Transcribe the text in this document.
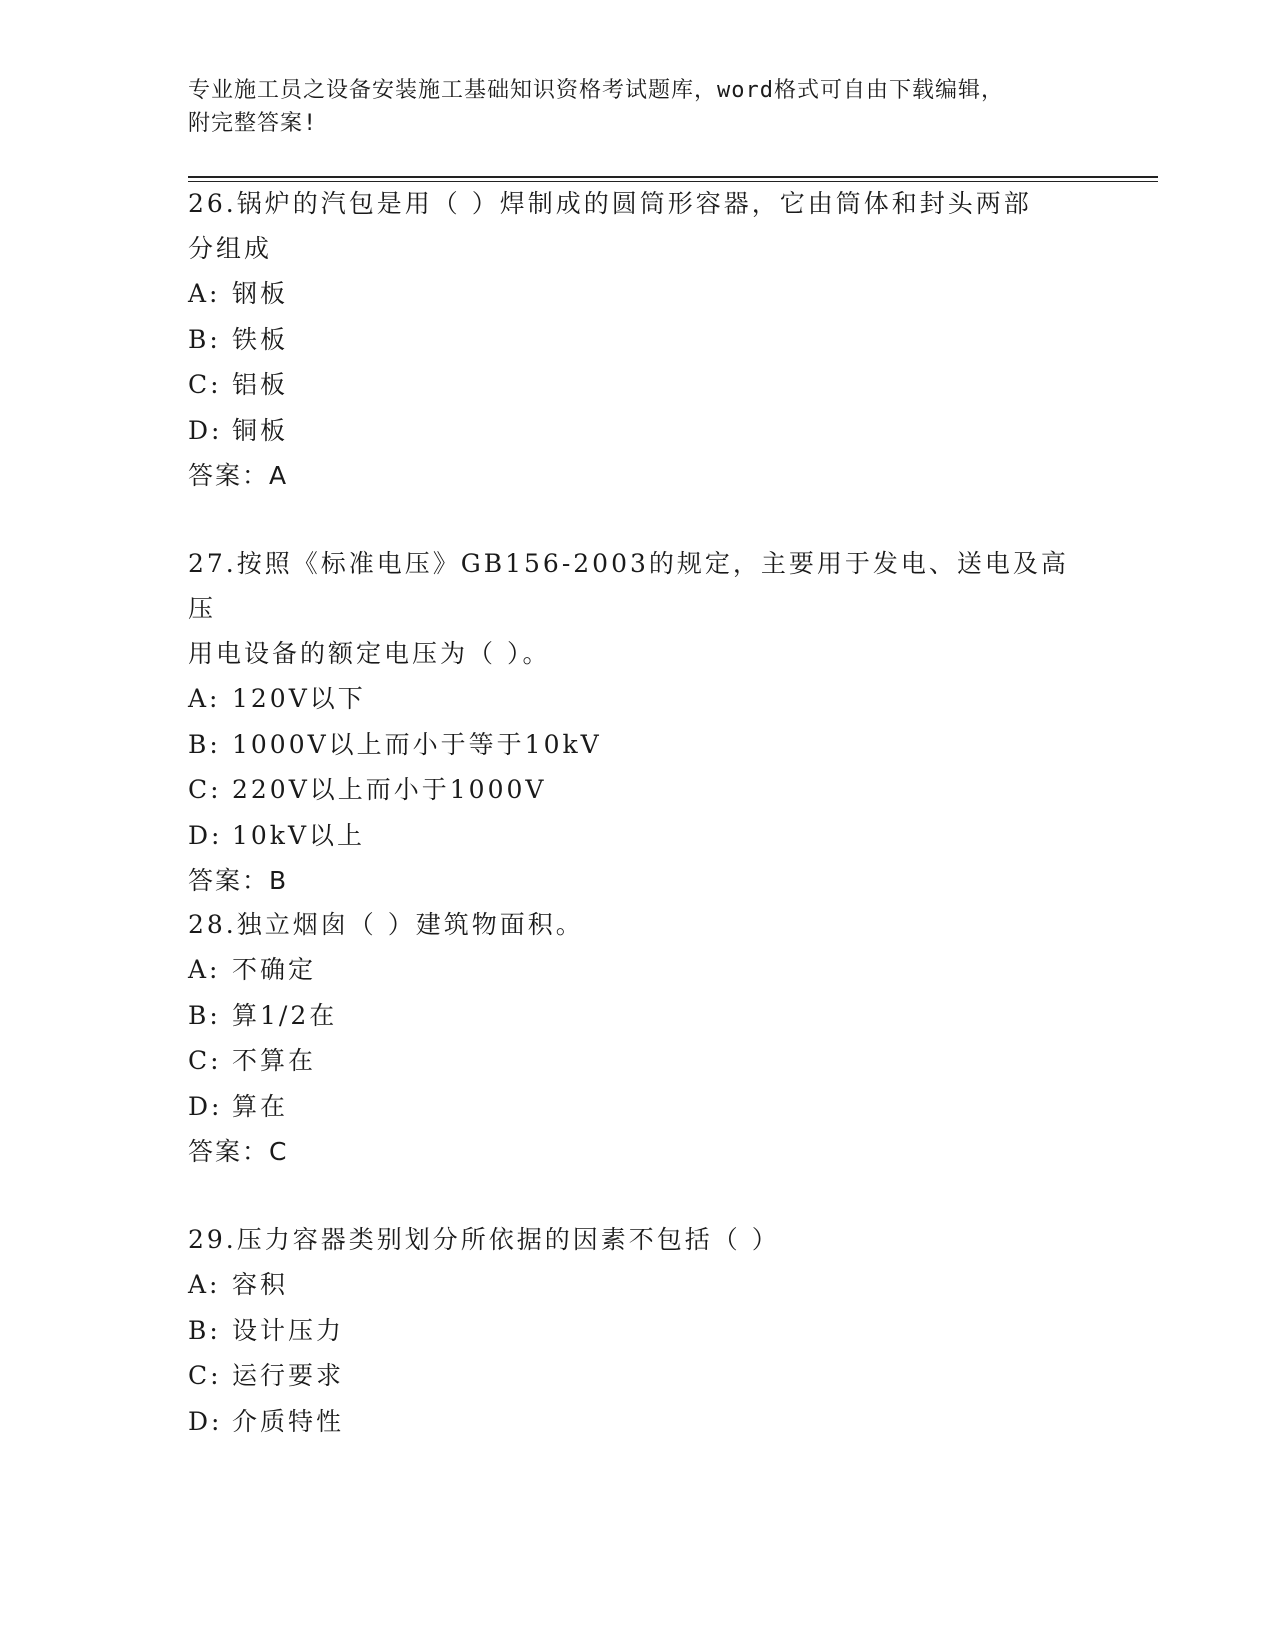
专业施工员之设备安装施工基础知识资格考试题库，word格式可自由下载编辑，
附完整答案!

26.锅炉的汽包是用（ ）焊制成的圆筒形容器，它由筒体和封头两部
分组成

A: 钢板

B: 铁板

C: 铝板

D: 铜板

答案：A

27.按照《标准电压》GB156-2003的规定，主要用于发电、送电及高压
用电设备的额定电压为（ ）。

A: 120V以下

B: 1000V以上而小于等于10kV

C: 220V以上而小于1000V

D: 10kV以上

答案：B

28.独立烟囱（ ）建筑物面积。

A: 不确定

B: 算1/2在

C: 不算在

D: 算在

答案：C

29.压力容器类别划分所依据的因素不包括（ ）

A: 容积

B: 设计压力

C: 运行要求

D: 介质特性
